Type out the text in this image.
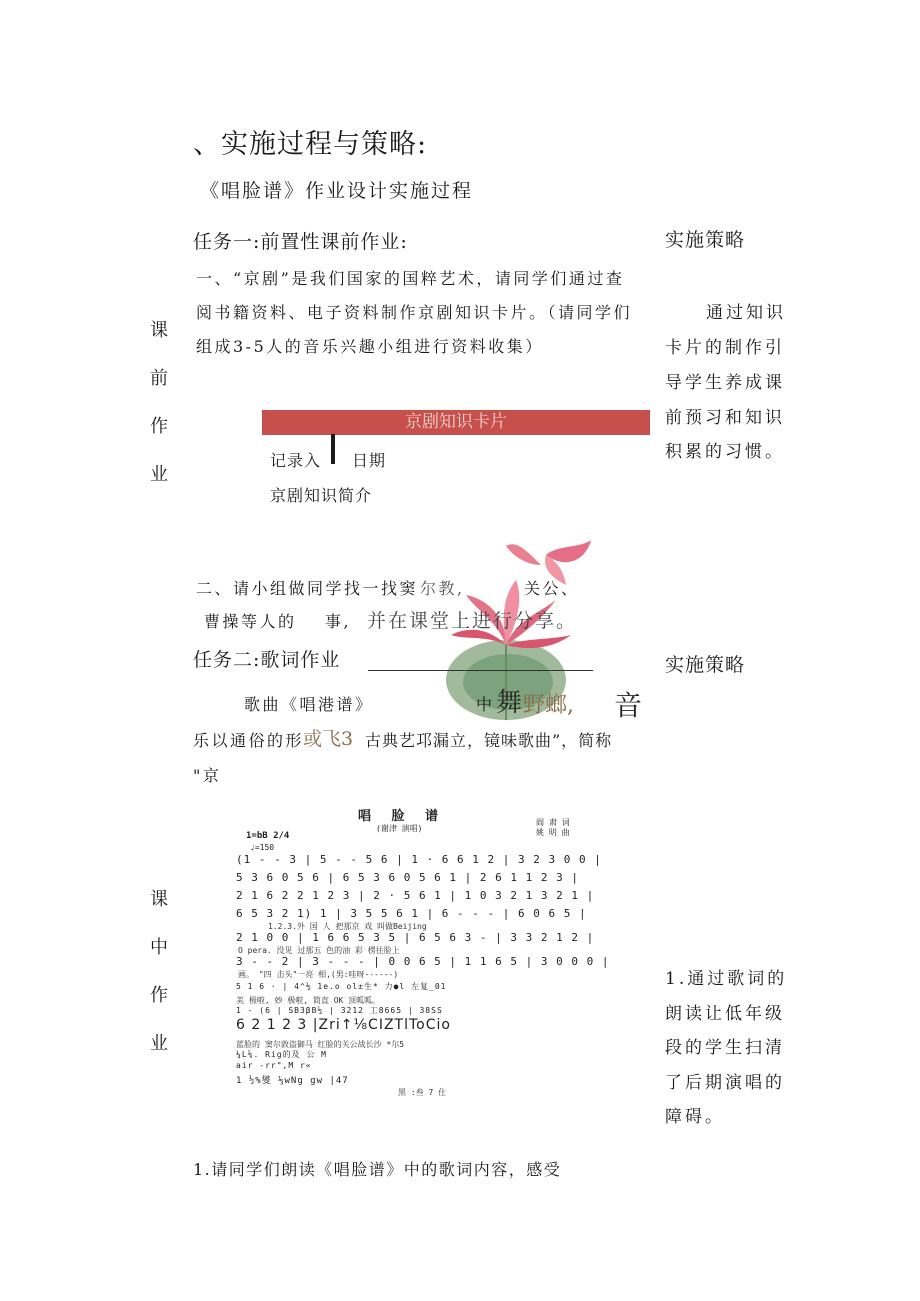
、实施过程与策略:
《唱脸谱》作业设计实施过程
任务一:前置性课前作业:
一、“京剧”是我们国家的国粹艺术，请同学们通过查
阅书籍资料、电子资料制作京剧知识卡片。（请同学们
组成3-5人的音乐兴趣小组进行资料收集）
实施策略
通过知识
卡片的制作引
导学生养成课
前预习和知识
积累的习惯。
课
前
作
业
京剧知识卡片
记录入 日期
京剧知识简介
二、请小组做同学找一找窦 尔教,	关公、
曹操等人的 事, 并在课堂上进行分享。
任务二:歌词作业
歌曲《唱港谱》	中 舞 野螂, 音
乐以通俗的形
或飞3 古典艺邛漏立，镜味歌曲”，简称
"京
实施策略
1.通过歌词的
朗读让低年级
段的学生扫清
了后期演唱的
障碍。
课
中
作
业
唱 脸 谱
(谢津 演唱)
阎 肃 词
姚 明 曲
1=bB 2/4
♩=150
(1 - - 3 | 5 - - 5 6 | 1 · 6 6 1 2 | 3 2 3 0 0 |
5 3 6 0 5 6 | 6 5 3 6 0 5 6 1 | 2 6 1 1 2 3 |
2 1 6 2 2 1 2 3 | 2 · 5 6 1 | 1 0 3 2 1 3 2 1 |
6 5 3 2 1) 1 | 3 5 5 6 1 | 6 - - - | 6 0 6 5 |
1.2.3.外 国 人 把那京 戏 叫做Beijing
2 1 0 0 | 1 6 6 5 3 5 | 6 5 6 3 - | 3 3 2 1 2 |
O pera. 没见 过那五 色的油 彩 楞往脸上
3 - - 2 | 3 - - - | 0 0 6 5 | 1 1 6 5 | 3 0 0 0 |
画。 "四 击头"一亮 相,(男:哇呀------)
5 1 6 · | 4^½ 1e.o ol±生* 力●l 左复_01
美 极啦, 妙 极啦, 简直 OK 顶呱呱。
1 - (6 | SB3βB½ | 3212 工8665 | 38SS
6 2 1 2 3 |Zri↑⅛CIZTlToCio
蓝脸的 窦尔敦盗御马 红脸的关公战长沙 *尔5
¼L⅛. Rig的及 公 M
air -rr",M r«
1 ½%燮 ⅓wNg gw |47
黑 :叁 7 仕
1.请同学们朗读《唱脸谱》中的歌词内容，感受
